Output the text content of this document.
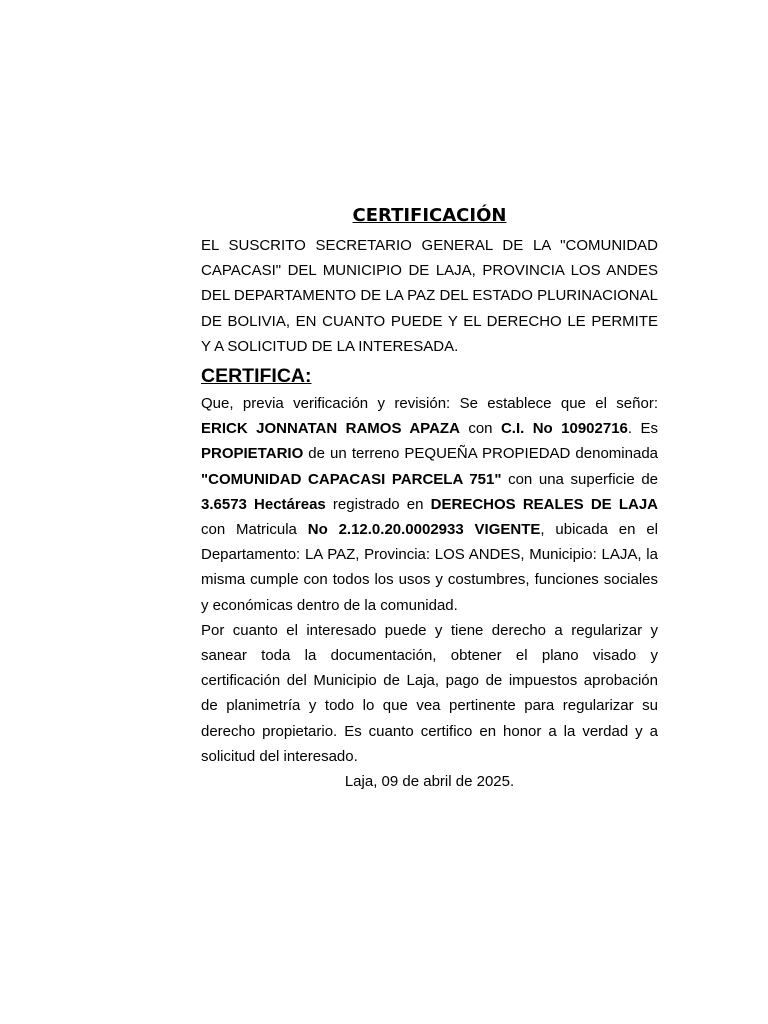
CERTIFICACIÓN

EL SUSCRITO SECRETARIO GENERAL DE LA "COMUNIDAD CAPACASI" DEL MUNICIPIO DE LAJA, PROVINCIA LOS ANDES DEL DEPARTAMENTO DE LA PAZ DEL ESTADO PLURINACIONAL DE BOLIVIA, EN CUANTO PUEDE Y EL DERECHO LE PERMITE Y A SOLICITUD DE LA INTERESADA.

CERTIFICA:

Que, previa verificación y revisión: Se establece que el señor: ERICK JONNATAN RAMOS APAZA con C.I. No 10902716. Es PROPIETARIO de un terreno PEQUEÑA PROPIEDAD denominada "COMUNIDAD CAPACASI PARCELA 751" con una superficie de 3.6573 Hectáreas registrado en DERECHOS REALES DE LAJA con Matricula No 2.12.0.20.0002933 VIGENTE, ubicada en el Departamento: LA PAZ, Provincia: LOS ANDES, Municipio: LAJA, la misma cumple con todos los usos y costumbres, funciones sociales y económicas dentro de la comunidad.

Por cuanto el interesado puede y tiene derecho a regularizar y sanear toda la documentación, obtener el plano visado y certificación del Municipio de Laja, pago de impuestos aprobación de planimetría y todo lo que vea pertinente para regularizar su derecho propietario. Es cuanto certifico en honor a la verdad y a solicitud del interesado.

Laja, 09 de abril de 2025.
